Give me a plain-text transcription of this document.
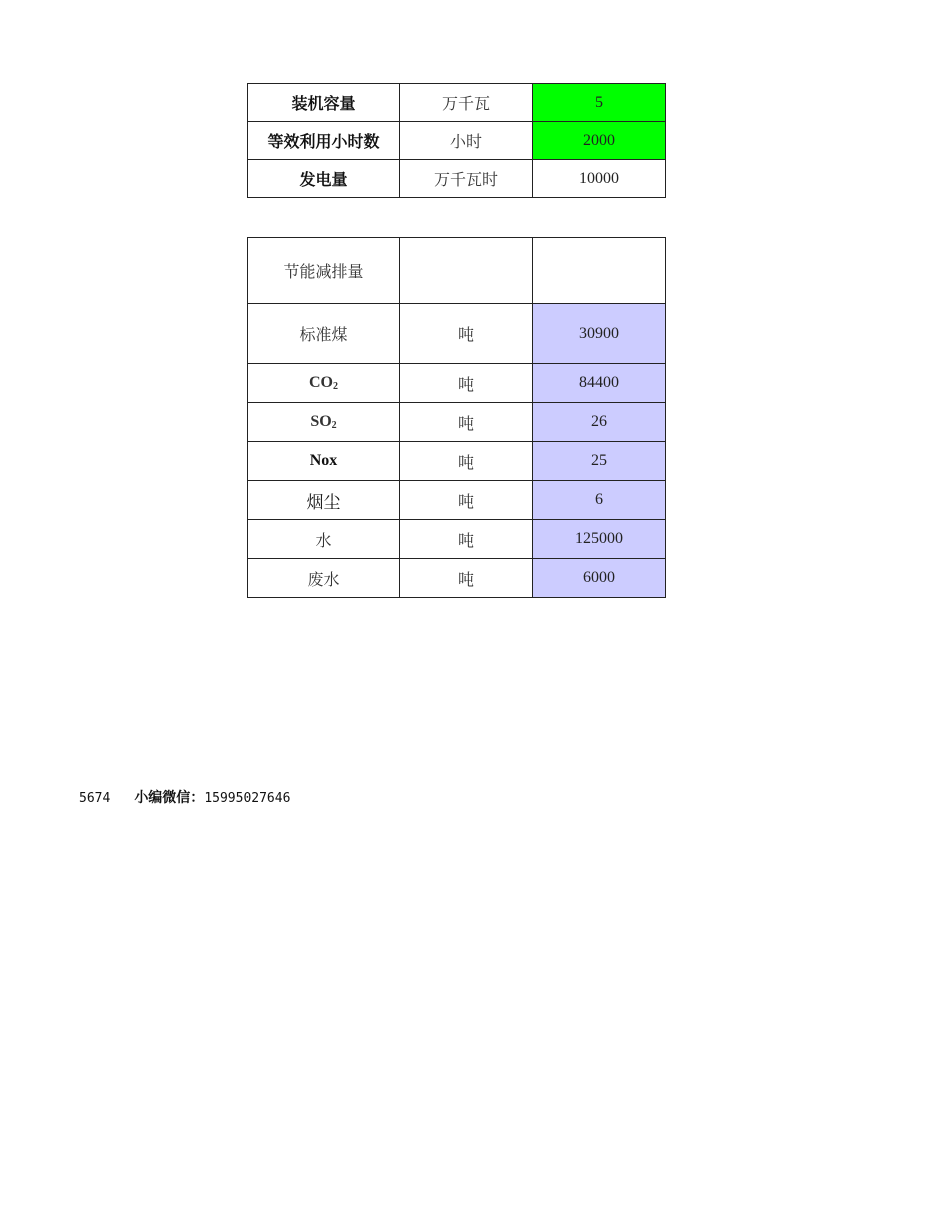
装机容量	万千瓦	5
等效利用小时数	小时	2000
发电量	万千瓦时	10000
节能减排量		
标准煤	吨	30900
$CO_2$	吨	84400
$SO_2$	吨	26
Nox	吨	25
烟尘	吨	6
水	吨	125000
废水	吨	6000
5674 小编微信：15995027646
